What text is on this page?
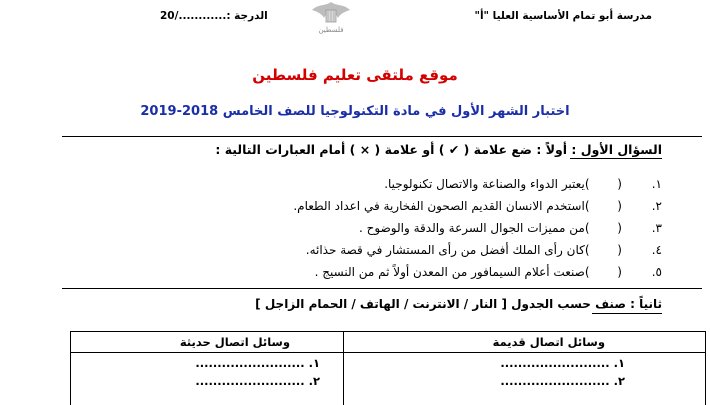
مدرسة أبو تمام الأساسية العليا "أ"
الدرجة :............/20
فلسطين
موقع ملتقى تعليم فلسطين
اختبار الشهر الأول في مادة التكنولوجيا للصف الخامس 2018-2019
السؤال الأول : أولاً : ضع علامة ( ✔ ) أو علامة ( × ) أمام العبارات التالية :
١.( )يعتبر الدواء والصناعة والاتصال تكنولوجيا.
٢.( )استخدم الانسان القديم الصحون الفخارية في اعداد الطعام.
٣.( )من مميزات الجوال السرعة والدقة والوضوح .
٤.( )كان رأى الملك أفضل من رأى المستشار في قصة حذائه.
٥.( )صنعت أعلام السيمافور من المعدن أولاً ثم من النسيج .
ثانياً : صنف حسب الجدول [ النار / الانترنت / الهاتف / الحمام الزاجل ]
وسائل اتصال قديمة
وسائل اتصال حديثة
١. .........................
٢. .........................
١. .........................
٢. .........................
